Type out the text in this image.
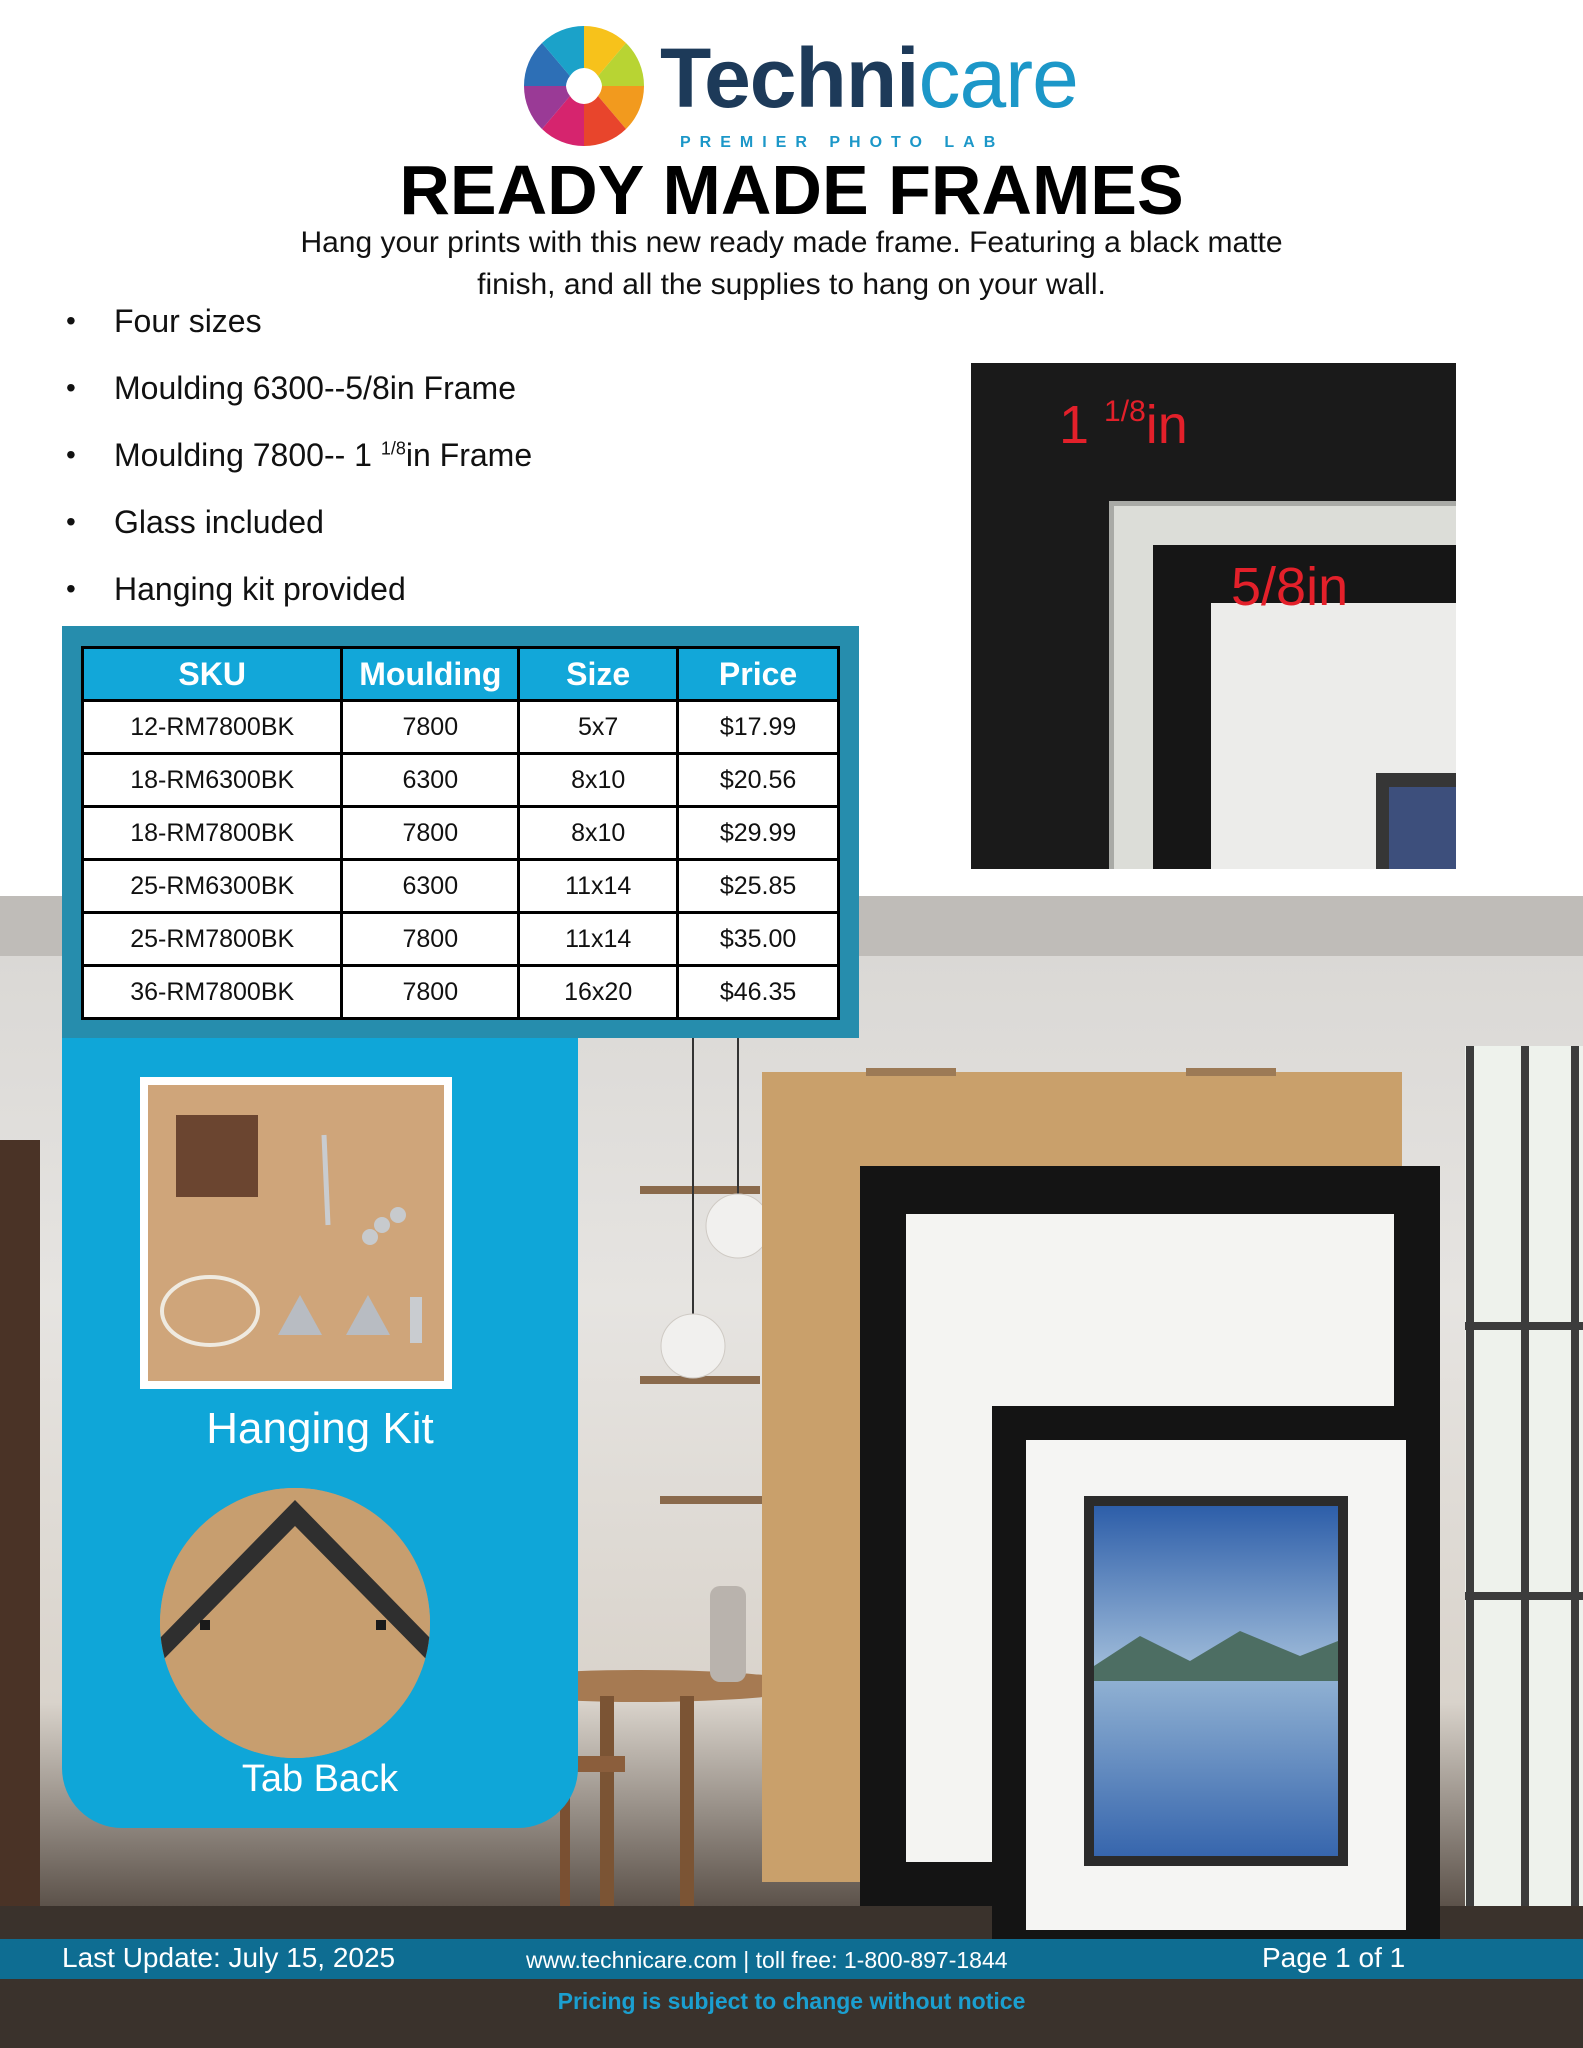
Technicare
PREMIER PHOTO LAB
READY MADE FRAMES
Hang your prints with this new ready made frame. Featuring a black matte finish, and all the supplies to hang on your wall.
• Four sizes
• Moulding 6300--5/8in Frame
• Moulding 7800-- 1 $^{1/8}$in Frame
• Glass included
• Hanging kit provided
1 $^{1/8}$in
5/8in
SKU	Moulding	Size	Price
12-RM7800BK	7800	5x7	$17.99
18-RM6300BK	6300	8x10	$20.56
18-RM7800BK	7800	8x10	$29.99
25-RM6300BK	6300	11x14	$25.85
25-RM7800BK	7800	11x14	$35.00
36-RM7800BK	7800	16x20	$46.35
Hanging Kit
Tab Back
Last Update: July 15, 2025	www.technicare.com | toll free: 1-800-897-1844	Page 1 of 1
Pricing is subject to change without notice
